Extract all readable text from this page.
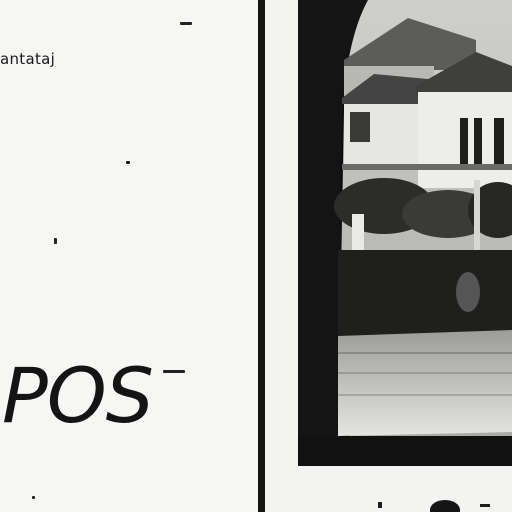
antataj
POS
